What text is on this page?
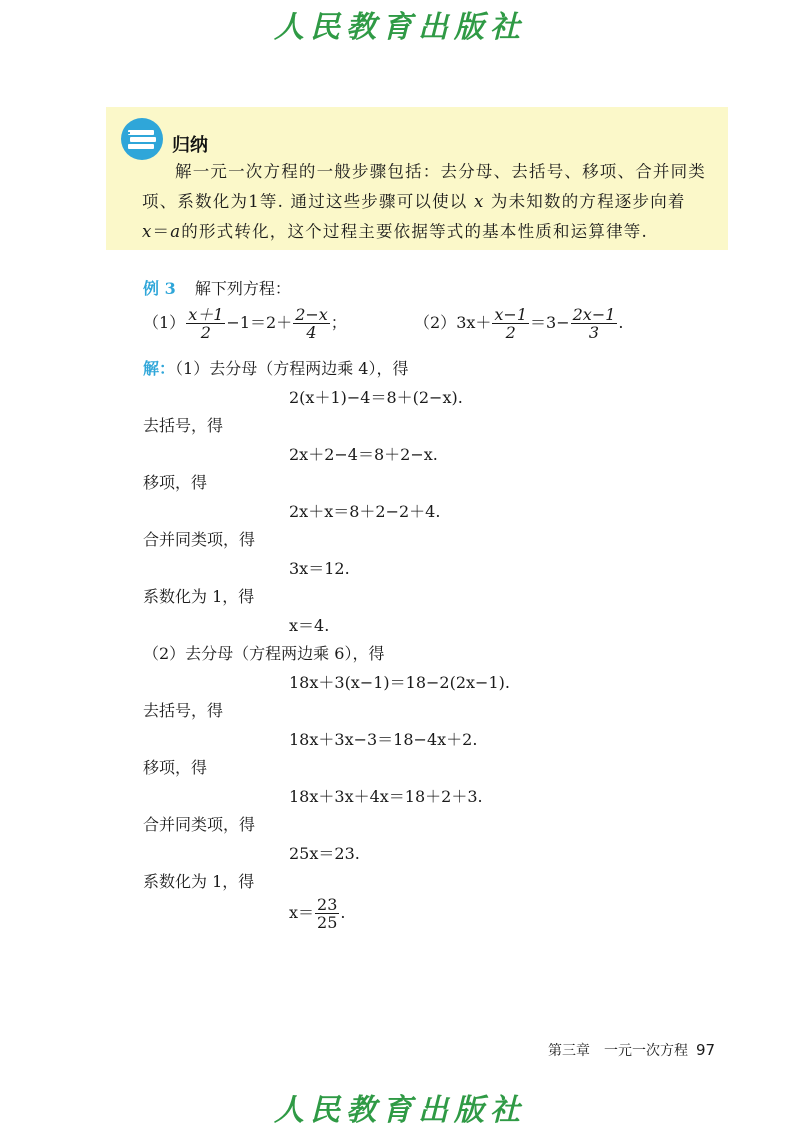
人民教育出版社
归纳

解一元一次方程的一般步骤包括：去分母、去括号、移项、合并同类项、系数化为1等. 通过这些步骤可以使以 x 为未知数的方程逐步向着
x＝a的形式转化，这个过程主要依据等式的基本性质和运算律等.

例 3 解下列方程：
$(1) \frac{x+1}{2} -1=2+ \frac{2-x}{4}$ ；	$(2)3x+ \frac{x-1}{2} =3- \frac{2x-1}{3}$ .
解：（1）去分母（方程两边乘 4），得
2(x＋1)−4＝8＋(2−x).
去括号，得
2x＋2−4＝8＋2−x.
移项，得
2x＋x＝8＋2−2＋4.
合并同类项，得
3x＝12.
系数化为 1，得
x＝4.
（2）去分母（方程两边乘 6），得
18x＋3(x−1)＝18−2(2x−1).
去括号，得
18x＋3x−3＝18−4x＋2.
移项，得
18x＋3x＋4x＝18＋2＋3.
合并同类项，得
25x＝23.
系数化为 1，得
$x= \frac{23}{25}$ .
第三章　一元一次方程 97
人民教育出版社
